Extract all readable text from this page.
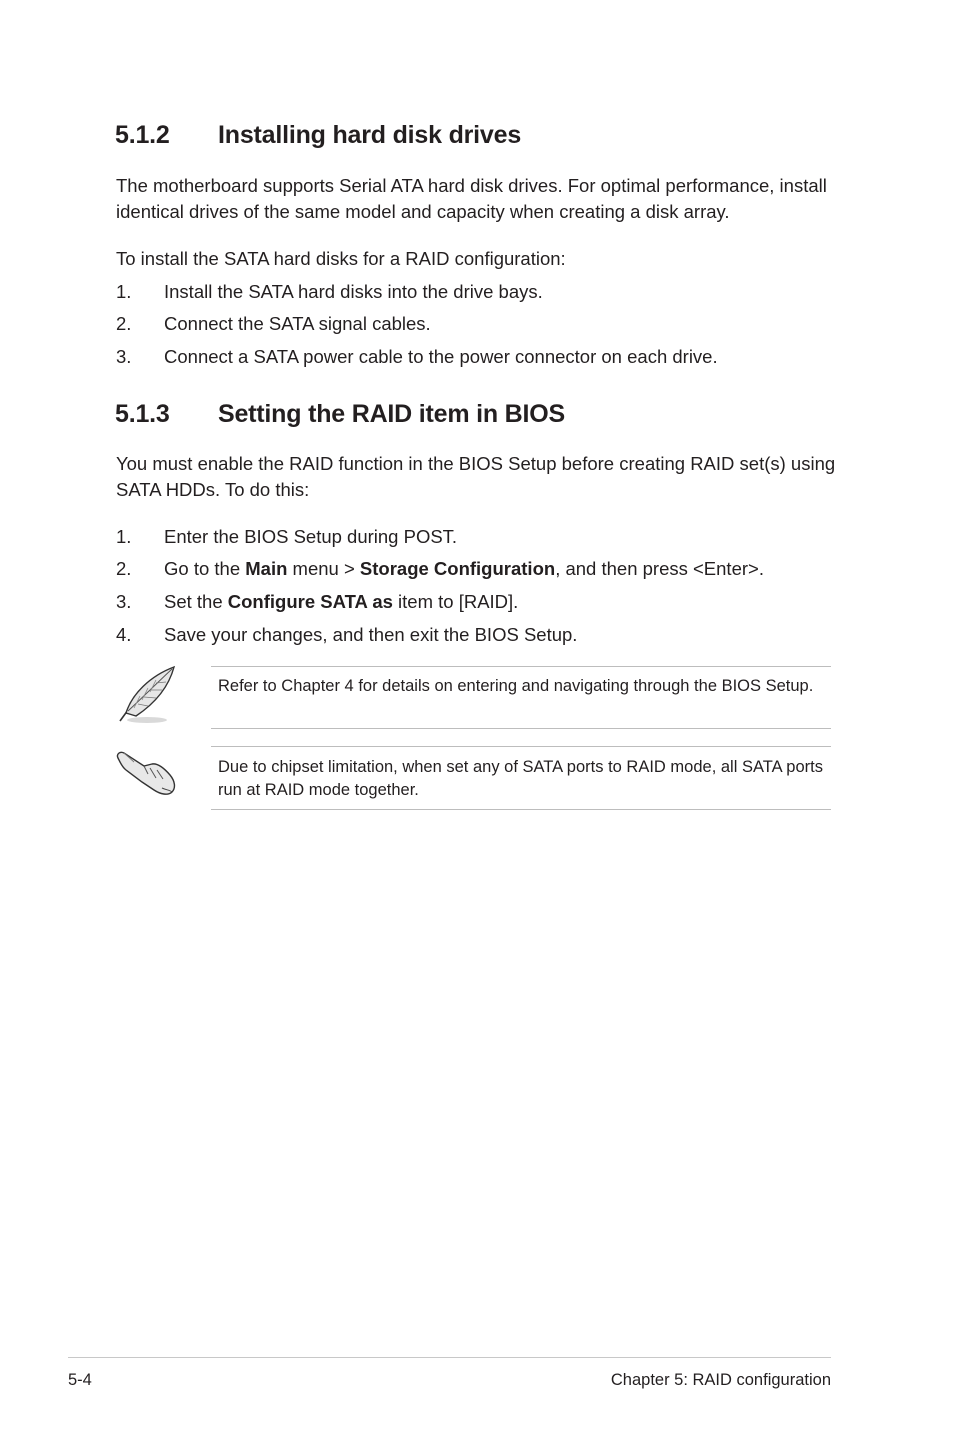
5.1.2 Installing hard disk drives
The motherboard supports Serial ATA hard disk drives. For optimal performance, install identical drives of the same model and capacity when creating a disk array.
To install the SATA hard disks for a RAID configuration:
1. Install the SATA hard disks into the drive bays.
2. Connect the SATA signal cables.
3. Connect a SATA power cable to the power connector on each drive.
5.1.3 Setting the RAID item in BIOS
You must enable the RAID function in the BIOS Setup before creating RAID set(s) using SATA HDDs. To do this:
1. Enter the BIOS Setup during POST.
2. Go to the Main menu > Storage Configuration, and then press <Enter>.
3. Set the Configure SATA as item to [RAID].
4. Save your changes, and then exit the BIOS Setup.
Refer to Chapter 4 for details on entering and navigating through the BIOS Setup.
Due to chipset limitation, when set any of SATA ports to RAID mode, all SATA ports run at RAID mode together.
5-4	Chapter 5: RAID configuration
